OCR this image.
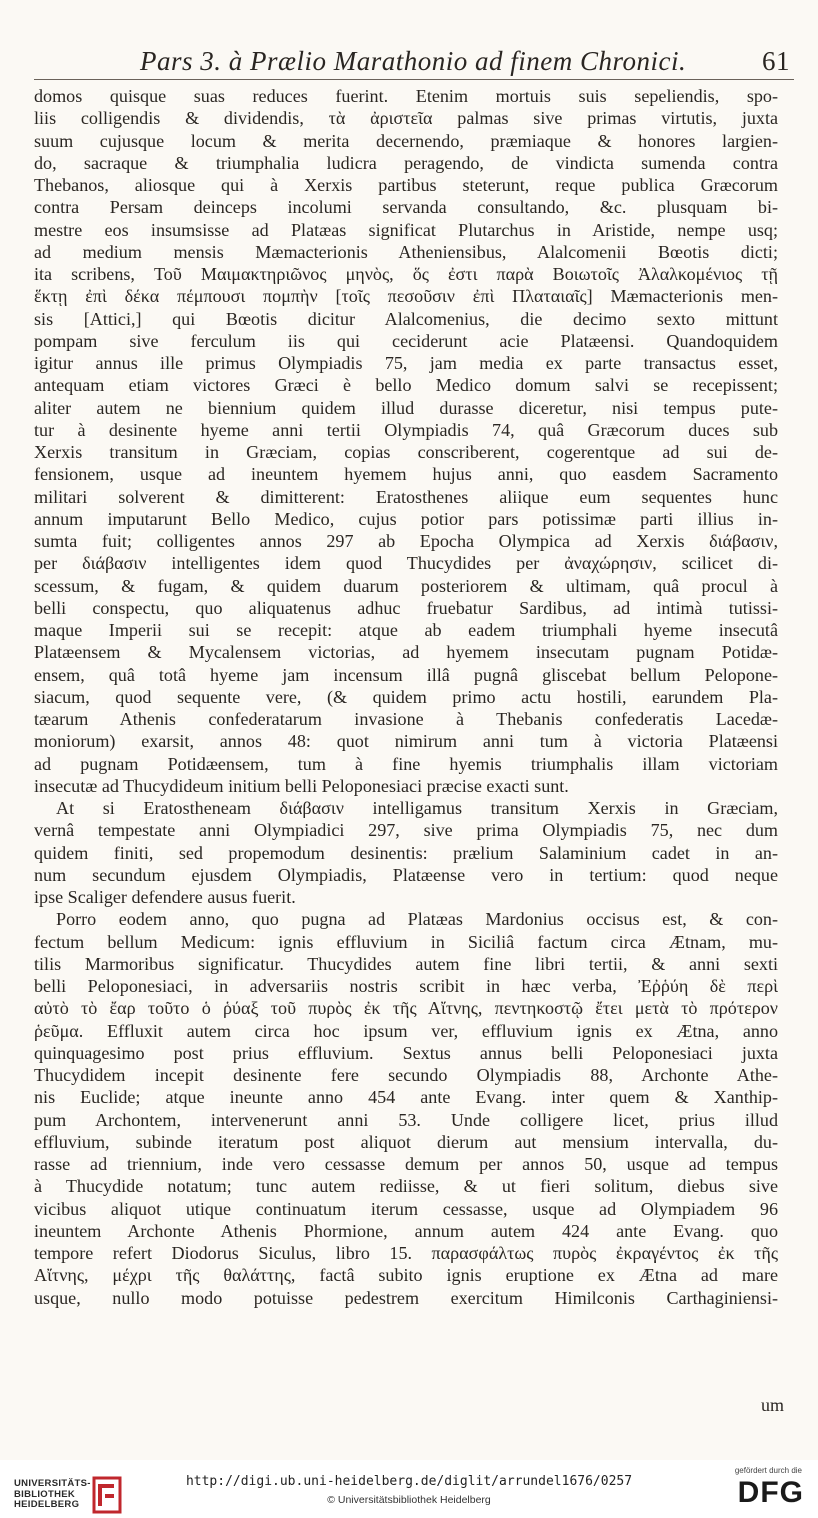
Pars 3. à Prælio Marathonio ad finem Chronici.	61
domos quisque suas reduces fuerint. Etenim mortuis suis sepeliendis, spo-
liis colligendis & dividendis, τὰ ἀριστεῖα palmas sive primas virtutis, juxta
suum cujusque locum & merita decernendo, præmiaque & honores largien-
do, sacraque & triumphalia ludicra peragendo, de vindicta sumenda contra
Thebanos, aliosque qui à Xerxis partibus steterunt, reque publica Græcorum
contra Persam deinceps incolumi servanda consultando, &c. plusquam bi-
mestre eos insumsisse ad Platæas significat Plutarchus in Aristide, nempe usq;
ad medium mensis Mæmacterionis Atheniensibus, Alalcomenii Bœotis dicti;
ita scribens, Τοῦ Μαιμακτηριῶνος μηνὸς, ὅς ἐστι παρὰ Βοιωτοῖς Ἀλαλκομένιος τῇ
ἕκτῃ ἐπὶ δέκα πέμπουσι πομπὴν [τοῖς πεσοῦσιν ἐπὶ Πλαταιαῖς] Mæmacterionis men-
sis [Attici,] qui Bœotis dicitur Alalcomenius, die decimo sexto mittunt
pompam sive ferculum iis qui ceciderunt acie Platæensi. Quandoquidem
igitur annus ille primus Olympiadis 75, jam media ex parte transactus esset,
antequam etiam victores Græci è bello Medico domum salvi se recepissent;
aliter autem ne biennium quidem illud durasse diceretur, nisi tempus pute-
tur à desinente hyeme anni tertii Olympiadis 74, quâ Græcorum duces sub
Xerxis transitum in Græciam, copias conscriberent, cogerentque ad sui de-
fensionem, usque ad ineuntem hyemem hujus anni, quo easdem Sacramento
militari solverent & dimitterent: Eratosthenes aliique eum sequentes hunc
annum imputarunt Bello Medico, cujus potior pars potissimæ parti illius in-
sumta fuit; colligentes annos 297 ab Epocha Olympica ad Xerxis διάβασιν,
per διάβασιν intelligentes idem quod Thucydides per ἀναχώρησιν, scilicet di-
scessum, & fugam, & quidem duarum posteriorem & ultimam, quâ procul à
belli conspectu, quo aliquatenus adhuc fruebatur Sardibus, ad intimà tutissi-
maque Imperii sui se recepit: atque ab eadem triumphali hyeme insecutâ
Platæensem & Mycalensem victorias, ad hyemem insecutam pugnam Potidæ-
ensem, quâ totâ hyeme jam incensum illâ pugnâ gliscebat bellum Pelopone-
siacum, quod sequente vere, (& quidem primo actu hostili, earundem Pla-
tæarum Athenis confederatarum invasione à Thebanis confederatis Lacedæ-
moniorum) exarsit, annos 48: quot nimirum anni tum à victoria Platæensi
ad pugnam Potidæensem, tum à fine hyemis triumphalis illam victoriam
insecutæ ad Thucydideum initium belli Peloponesiaci præcise exacti sunt.
At si Eratostheneam διάβασιν intelligamus transitum Xerxis in Græciam,
vernâ tempestate anni Olympiadici 297, sive prima Olympiadis 75, nec dum
quidem finiti, sed propemodum desinentis: prælium Salaminium cadet in an-
num secundum ejusdem Olympiadis, Platæense vero in tertium: quod neque
ipse Scaliger defendere ausus fuerit.
Porro eodem anno, quo pugna ad Platæas Mardonius occisus est, & con-
fectum bellum Medicum: ignis effluvium in Siciliâ factum circa Ætnam, mu-
tilis Marmoribus significatur. Thucydides autem fine libri tertii, & anni sexti
belli Peloponesiaci, in adversariis nostris scribit in hæc verba, Ἐῤῥύη δὲ περὶ
αὐτὸ τὸ ἔαρ τοῦτο ὁ ῥύαξ τοῦ πυρὸς ἐκ τῆς Αἴτνης, πεντηκοστῷ ἔτει μετὰ τὸ πρότερον
ῥεῦμα. Effluxit autem circa hoc ipsum ver, effluvium ignis ex Ætna, anno
quinquagesimo post prius effluvium. Sextus annus belli Peloponesiaci juxta
Thucydidem incepit desinente fere secundo Olympiadis 88, Archonte Athe-
nis Euclide; atque ineunte anno 454 ante Evang. inter quem & Xanthip-
pum Archontem, intervenerunt anni 53. Unde colligere licet, prius illud
effluvium, subinde iteratum post aliquot dierum aut mensium intervalla, du-
rasse ad triennium, inde vero cessasse demum per annos 50, usque ad tempus
à Thucydide notatum; tunc autem rediisse, & ut fieri solitum, diebus sive
vicibus aliquot utique continuatum iterum cessasse, usque ad Olympiadem 96
ineuntem Archonte Athenis Phormione, annum autem 424 ante Evang. quo
tempore refert Diodorus Siculus, libro 15. παρασφάλτως πυρὸς ἐκραγέντος ἐκ τῆς
Αἴτνης, μέχρι τῆς θαλάττης, factâ subito ignis eruptione ex Ætna ad mare
usque, nullo modo potuisse pedestrem exercitum Himilconis Carthaginiensi-
um
UNIVERSITÄTS-
BIBLIOTHEK
HEIDELBERG
http://digi.ub.uni-heidelberg.de/diglit/arrundel1676/0257
© Universitätsbibliothek Heidelberg
gefördert durch die
DFG
